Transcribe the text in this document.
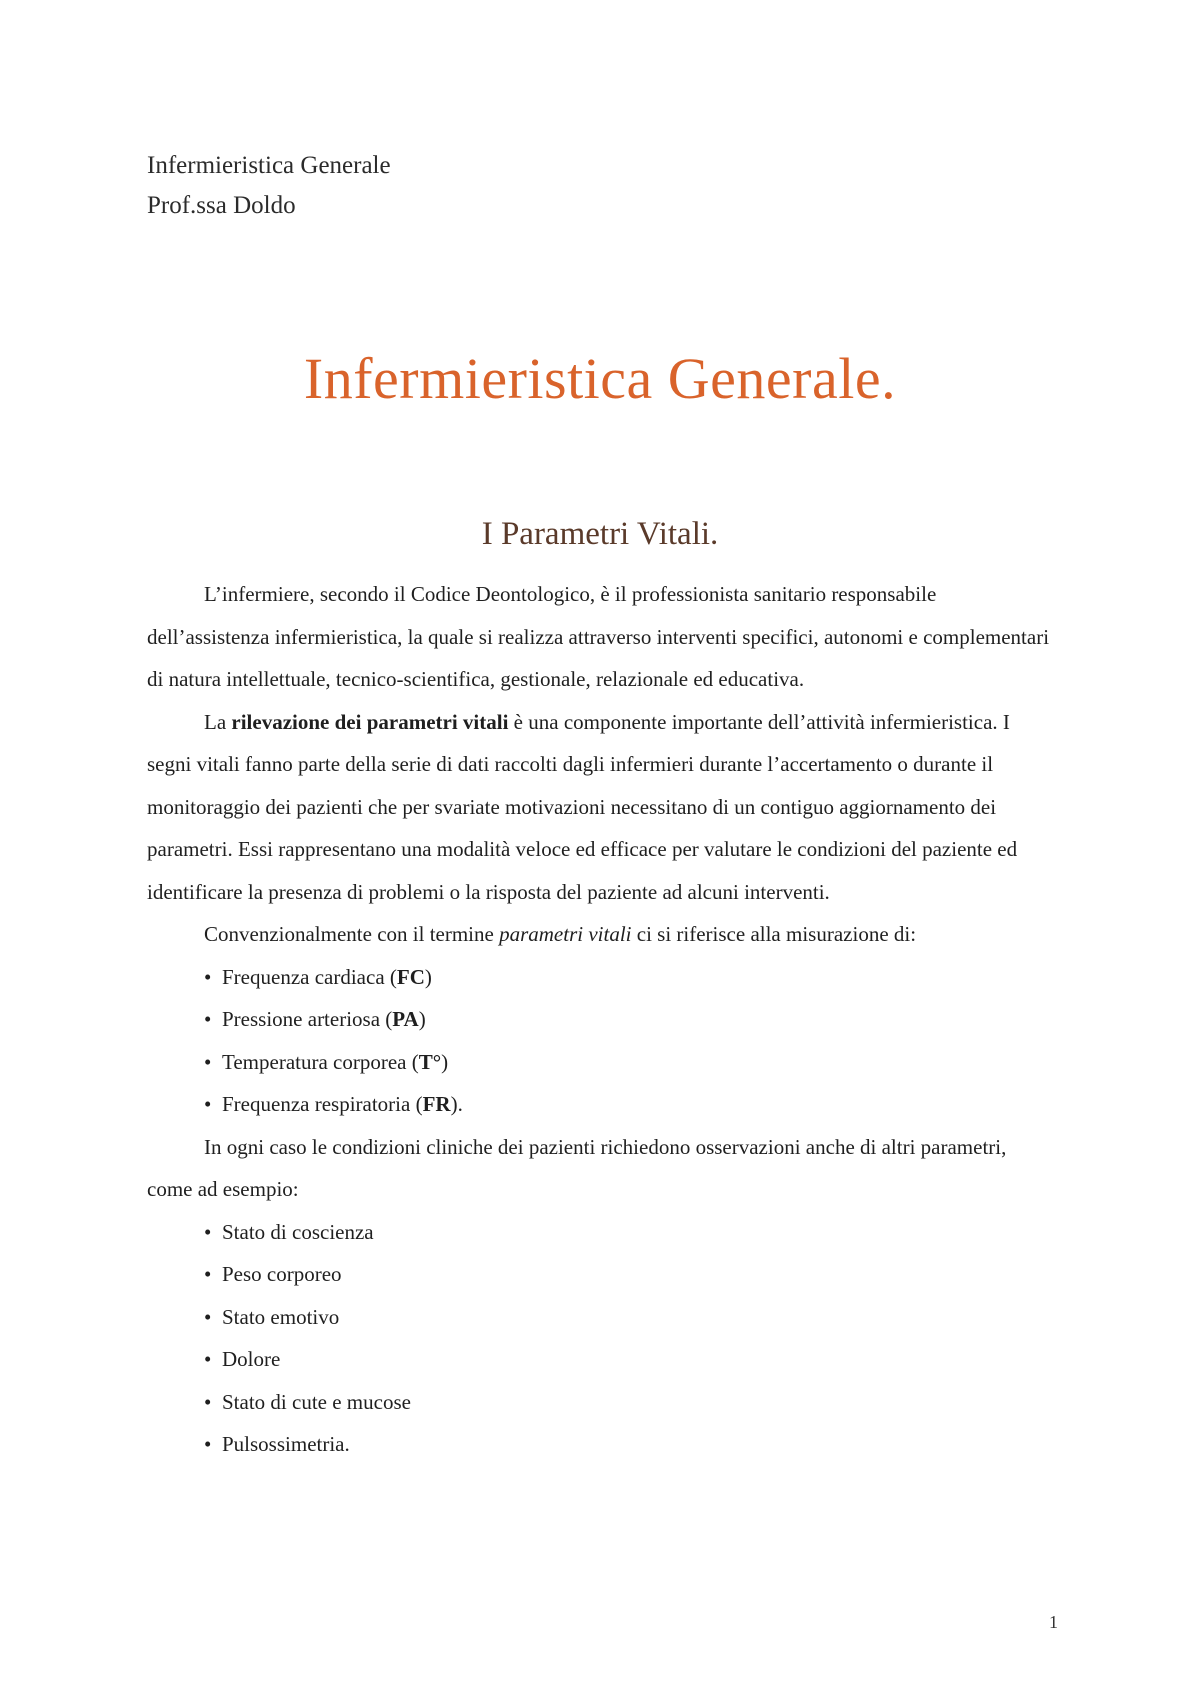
Infermieristica Generale
Prof.ssa Doldo
Infermieristica Generale.
I Parametri Vitali.

L’infermiere, secondo il Codice Deontologico, è il professionista sanitario responsabile dell’assistenza infermieristica, la quale si realizza attraverso interventi specifici, autonomi e complementari di natura intellettuale, tecnico-scientifica, gestionale, relazionale ed educativa.

La rilevazione dei parametri vitali è una componente importante dell’attività infermieristica. I segni vitali fanno parte della serie di dati raccolti dagli infermieri durante l’accertamento o durante il monitoraggio dei pazienti che per svariate motivazioni necessitano di un contiguo aggiornamento dei parametri. Essi rappresentano una modalità veloce ed efficace per valutare le condizioni del paziente ed identificare la presenza di problemi o la risposta del paziente ad alcuni interventi.

Convenzionalmente con il termine parametri vitali ci si riferisce alla misurazione di:

• Frequenza cardiaca (FC)
• Pressione arteriosa (PA)
• Temperatura corporea (T°)
• Frequenza respiratoria (FR).

In ogni caso le condizioni cliniche dei pazienti richiedono osservazioni anche di altri parametri, come ad esempio:

• Stato di coscienza
• Peso corporeo
• Stato emotivo
• Dolore
• Stato di cute e mucose
• Pulsossimetria.
1
